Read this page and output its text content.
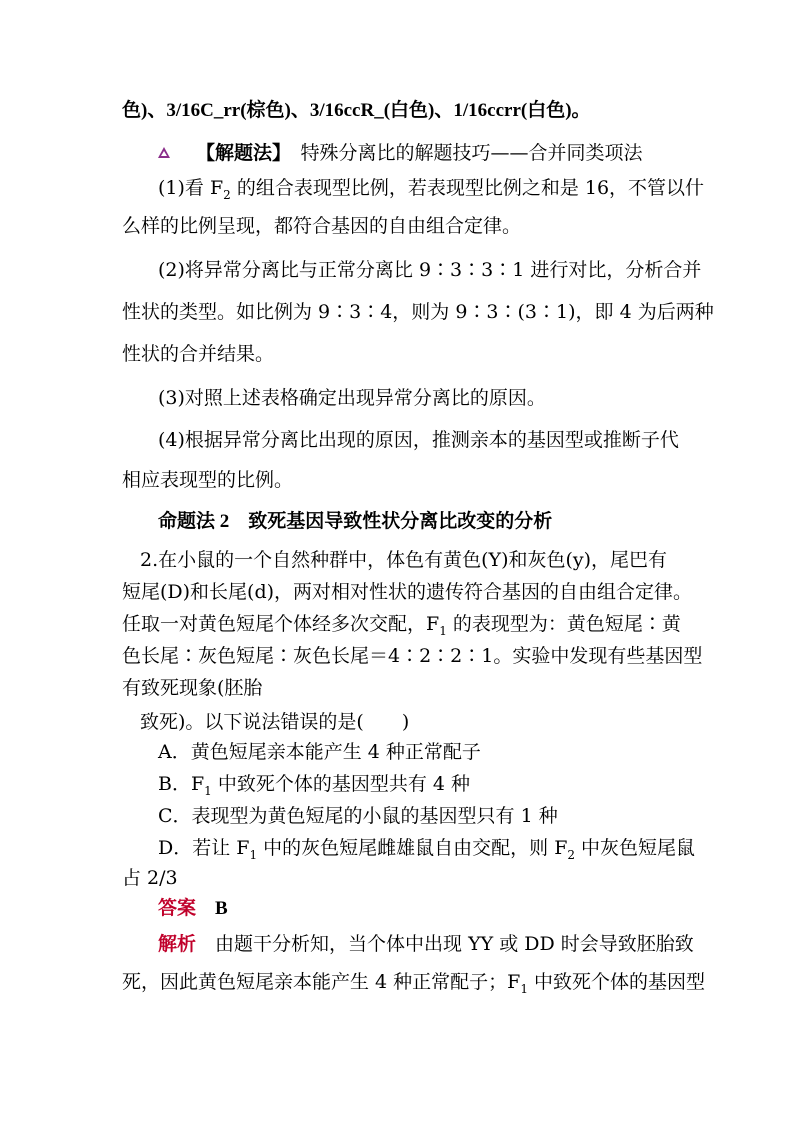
色)、3/16C_rr(棕色)、3/16ccR_(白色)、1/16ccrr(白色)。
【解题法】　 特殊分离比的解题技巧——合并同类项法
(1)看 $F_2$ 的组合表现型比例，若表现型比例之和是 16，不管以什
么样的比例呈现，都符合基因的自由组合定律。
(2)将异常分离比与正常分离比 9∶3∶3∶1 进行对比，分析合并
性状的类型。如比例为 9∶3∶4，则为 9∶3∶(3∶1)，即 4 为后两种
性状的合并结果。
(3)对照上述表格确定出现异常分离比的原因。
(4)根据异常分离比出现的原因，推测亲本的基因型或推断子代
相应表现型的比例。
命题法 2　致死基因导致性状分离比改变的分析
2.在小鼠的一个自然种群中，体色有黄色(Y)和灰色(y)，尾巴有
短尾(D)和长尾(d)，两对相对性状的遗传符合基因的自由组合定律。
任取一对黄色短尾个体经多次交配，$F_1$ 的表现型为：黄色短尾∶黄
色长尾∶灰色短尾∶灰色长尾＝4∶2∶2∶1。实验中发现有些基因型
有致死现象(胚胎
致死)。以下说法错误的是(　　)
A．黄色短尾亲本能产生 4 种正常配子
B．$F_1$ 中致死个体的基因型共有 4 种
C．表现型为黄色短尾的小鼠的基因型只有 1 种
D．若让 $F_1$ 中的灰色短尾雌雄鼠自由交配，则 $F_2$ 中灰色短尾鼠
占 2/3
答案　 B
解析　 由题干分析知，当个体中出现 YY 或 DD 时会导致胚胎致
死，因此黄色短尾亲本能产生 4 种正常配子；$F_1$ 中致死个体的基因型
